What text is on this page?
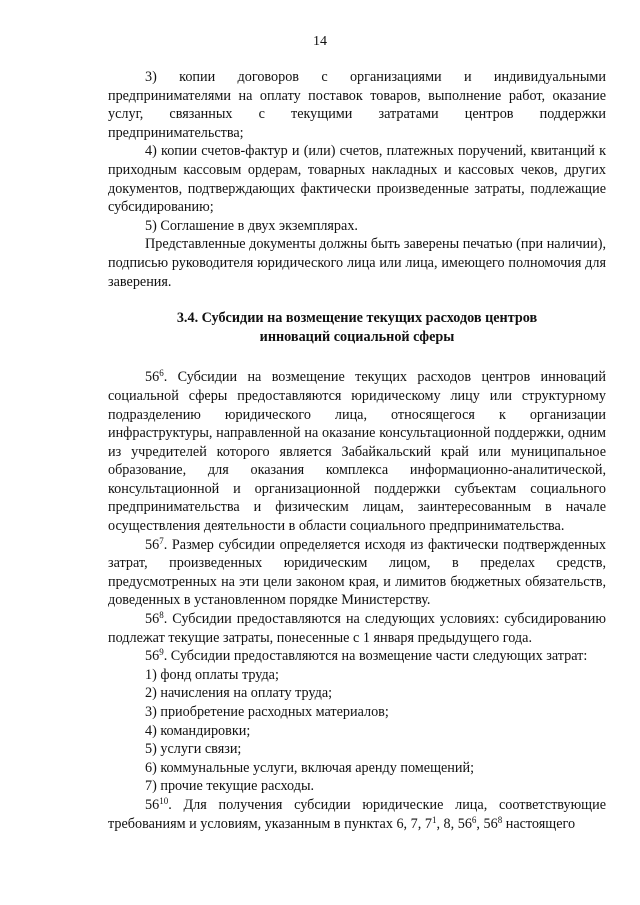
14

3) копии договоров с организациями и индивидуальными предпринимателями на оплату поставок товаров, выполнение работ, оказание услуг, связанных с текущими затратами центров поддержки предпринимательства;

4) копии счетов-фактур и (или) счетов, платежных поручений, квитанций к приходным кассовым ордерам, товарных накладных и кассовых чеков, других документов, подтверждающих фактически произведенные затраты, подлежащие субсидированию;

5) Соглашение в двух экземплярах.

Представленные документы должны быть заверены печатью (при наличии), подписью руководителя юридического лица или лица, имеющего полномочия для заверения.

3.4. Субсидии на возмещение текущих расходов центров
инноваций социальной сферы

$56^6$. Субсидии на возмещение текущих расходов центров инноваций социальной сферы предоставляются юридическому лицу или структурному подразделению юридического лица, относящегося к организации инфраструктуры, направленной на оказание консультационной поддержки, одним из учредителей которого является Забайкальский край или муниципальное образование, для оказания комплекса информационно-аналитической, консультационной и организационной поддержки субъектам социального предпринимательства и физическим лицам, заинтересованным в начале осуществления деятельности в области социального предпринимательства.

$56^7$. Размер субсидии определяется исходя из фактически подтвержденных затрат, произведенных юридическим лицом, в пределах средств, предусмотренных на эти цели законом края, и лимитов бюджетных обязательств, доведенных в установленном порядке Министерству.

$56^8$. Субсидии предоставляются на следующих условиях: субсидированию подлежат текущие затраты, понесенные с 1 января предыдущего года.

$56^9$. Субсидии предоставляются на возмещение части следующих затрат:

1) фонд оплаты труда;

2) начисления на оплату труда;

3) приобретение расходных материалов;

4) командировки;

5) услуги связи;

6) коммунальные услуги, включая аренду помещений;

7) прочие текущие расходы.

$56^{10}$. Для получения субсидии юридические лица, соответствующие требованиям и условиям, указанным в пунктах 6, 7, $7^1$, 8, $56^6$, $56^8$ настоящего
